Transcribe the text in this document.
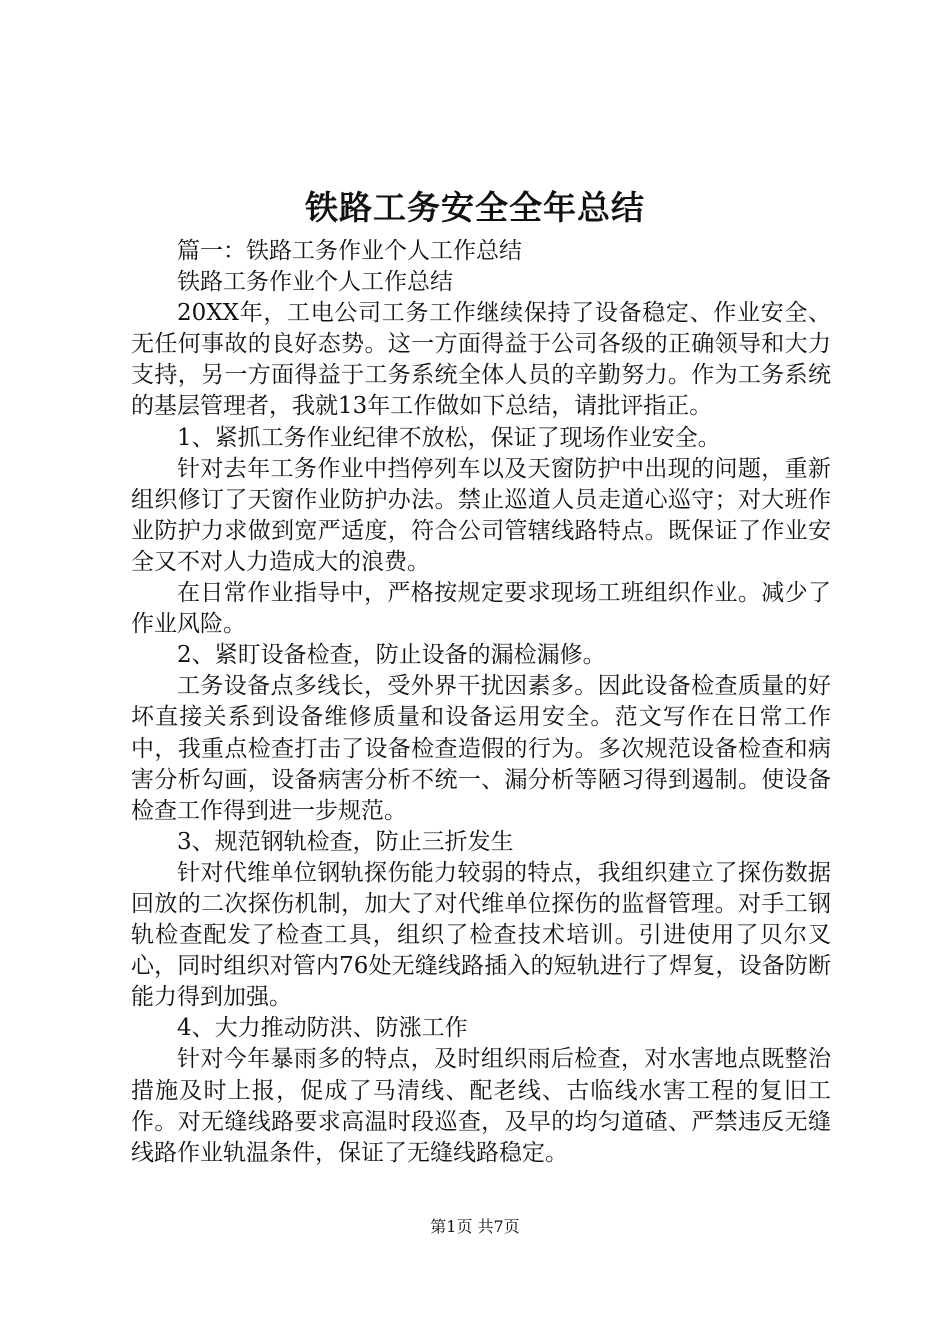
铁路工务安全全年总结

篇一：铁路工务作业个人工作总结

铁路工务作业个人工作总结

20XX年，工电公司工务工作继续保持了设备稳定、作业安全、无任何事故的良好态势。这一方面得益于公司各级的正确领导和大力支持，另一方面得益于工务系统全体人员的辛勤努力。作为工务系统的基层管理者，我就13年工作做如下总结，请批评指正。

1、紧抓工务作业纪律不放松，保证了现场作业安全。

针对去年工务作业中挡停列车以及天窗防护中出现的问题，重新组织修订了天窗作业防护办法。禁止巡道人员走道心巡守；对大班作业防护力求做到宽严适度，符合公司管辖线路特点。既保证了作业安全又不对人力造成大的浪费。

在日常作业指导中，严格按规定要求现场工班组织作业。减少了作业风险。

2、紧盯设备检查，防止设备的漏检漏修。

工务设备点多线长，受外界干扰因素多。因此设备检查质量的好坏直接关系到设备维修质量和设备运用安全。范文写作在日常工作中，我重点检查打击了设备检查造假的行为。多次规范设备检查和病害分析勾画，设备病害分析不统一、漏分析等陋习得到遏制。使设备检查工作得到进一步规范。

3、规范钢轨检查，防止三折发生

针对代维单位钢轨探伤能力较弱的特点，我组织建立了探伤数据回放的二次探伤机制，加大了对代维单位探伤的监督管理。对手工钢轨检查配发了检查工具，组织了检查技术培训。引进使用了贝尔叉心，同时组织对管内76处无缝线路插入的短轨进行了焊复，设备防断能力得到加强。

4、大力推动防洪、防涨工作

针对今年暴雨多的特点，及时组织雨后检查，对水害地点既整治措施及时上报，促成了马清线、配老线、古临线水害工程的复旧工作。对无缝线路要求高温时段巡查，及早的均匀道碴、严禁违反无缝线路作业轨温条件，保证了无缝线路稳定。

第1页 共7页
